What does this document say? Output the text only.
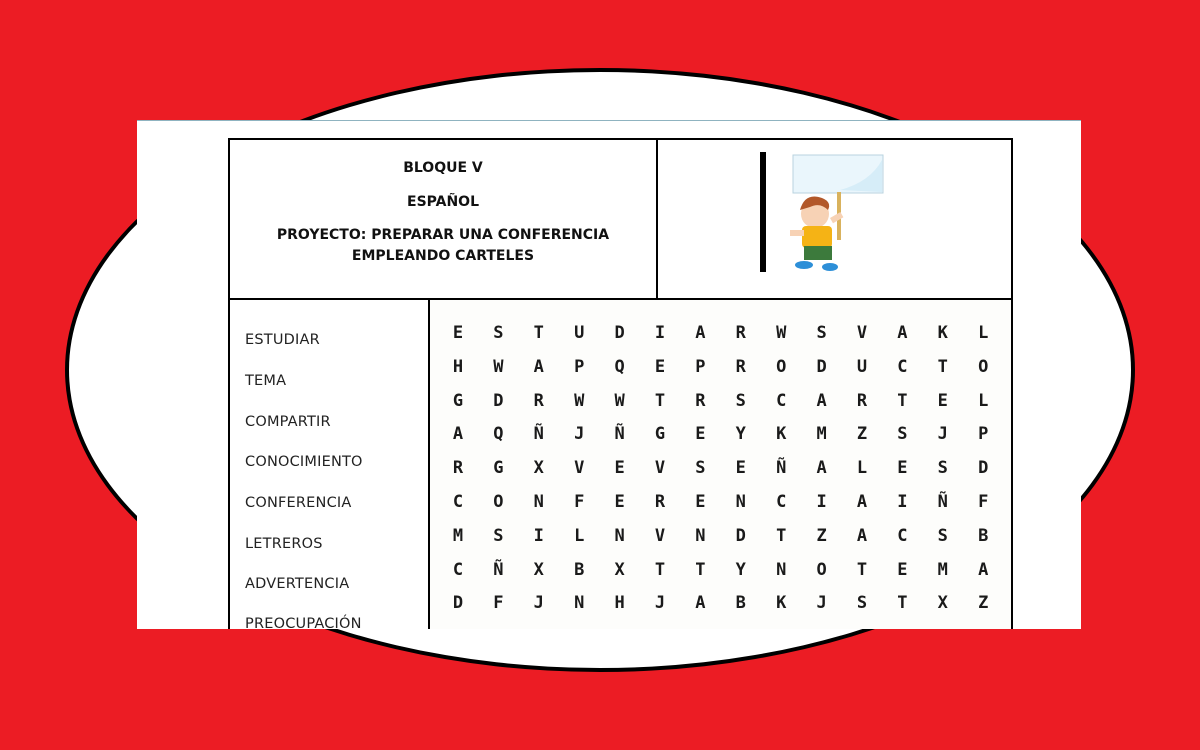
BLOQUE V
ESPAÑOL
PROYECTO: PREPARAR UNA CONFERENCIA
EMPLEANDO CARTELES
ESTUDIAR
TEMA
COMPARTIR
CONOCIMIENTO
CONFERENCIA
LETREROS
ADVERTENCIA
PREOCUPACIÓN
E	S	T	U	D	I	A	R	W	S	V	A	K	L
H	W	A	P	Q	E	P	R	O	D	U	C	T	O
G	D	R	W	W	T	R	S	C	A	R	T	E	L
A	Q	Ñ	J	Ñ	G	E	Y	K	M	Z	S	J	P
R	G	X	V	E	V	S	E	Ñ	A	L	E	S	D
C	O	N	F	E	R	E	N	C	I	A	I	Ñ	F
M	S	I	L	N	V	N	D	T	Z	A	C	S	B
C	Ñ	X	B	X	T	T	Y	N	O	T	E	M	A
D	F	J	N	H	J	A	B	K	J	S	T	X	Z
